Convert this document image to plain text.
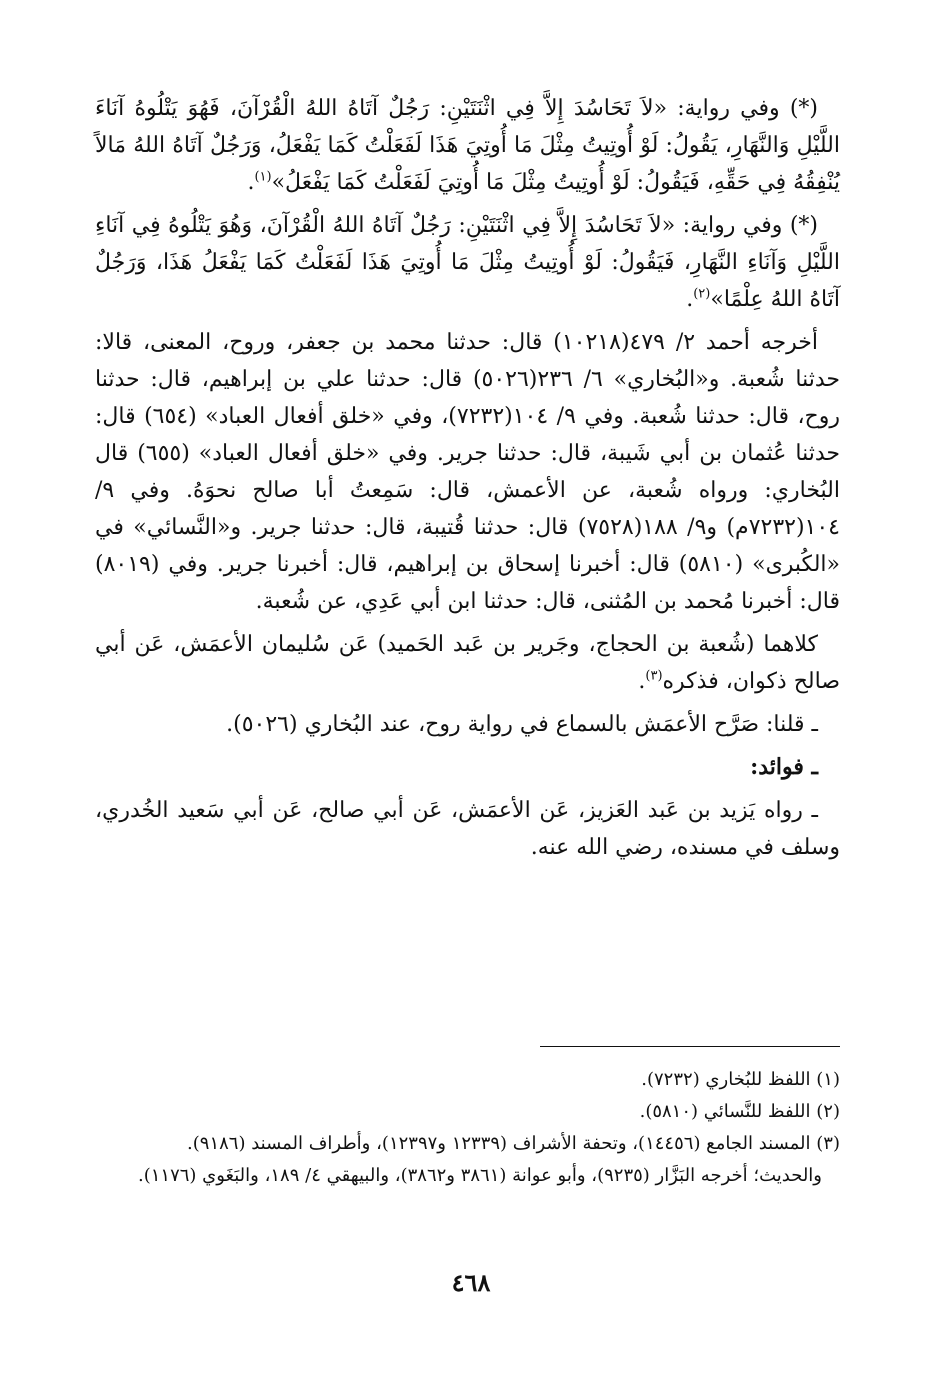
(*) وفي رواية: «لاَ تَحَاسُدَ إِلاَّ فِي اثْنَتَيْنِ: رَجُلٌ آتَاهُ اللهُ الْقُرْآنَ، فَهُوَ يَتْلُوهُ آنَاءَ اللَّيْلِ وَالنَّهَارِ، يَقُولُ: لَوْ أُوتِيتُ مِثْلَ مَا أُوتِيَ هَذَا لَفَعَلْتُ كَمَا يَفْعَلُ، وَرَجُلٌ آتَاهُ اللهُ مَالاً يُنْفِقُهُ فِي حَقِّهِ، فَيَقُولُ: لَوْ أُوتِيتُ مِثْلَ مَا أُوتِيَ لَفَعَلْتُ كَمَا يَفْعَلُ»$^{(١)}$.

(*) وفي رواية: «لاَ تَحَاسُدَ إِلاَّ فِي اثْنَتَيْنِ: رَجُلٌ آتَاهُ اللهُ الْقُرْآنَ، وَهُوَ يَتْلُوهُ فِي آنَاءِ اللَّيْلِ وَآنَاءِ النَّهَارِ، فَيَقُولُ: لَوْ أُوتِيتُ مِثْلَ مَا أُوتِيَ هَذَا لَفَعَلْتُ كَمَا يَفْعَلُ هَذَا، وَرَجُلٌ آتَاهُ اللهُ عِلْمًا»$^{(٢)}$.

أخرجه أحمد ٢/ ٤٧٩(١٠٢١٨) قال: حدثنا محمد بن جعفر، وروح، المعنى، قالا: حدثنا شُعبة. و«البُخاري» ٦/ ٢٣٦(٥٠٢٦) قال: حدثنا علي بن إبراهيم، قال: حدثنا روح، قال: حدثنا شُعبة. وفي ٩/ ١٠٤(٧٢٣٢)، وفي «خلق أفعال العباد» (٦٥٤) قال: حدثنا عُثمان بن أبي شَيبة، قال: حدثنا جرير. وفي «خلق أفعال العباد» (٦٥٥) قال البُخاري: ورواه شُعبة، عن الأعمش، قال: سَمِعتُ أبا صالح نحوَهُ. وفي ٩/ ١٠٤(٧٢٣٢م) و٩/ ١٨٨(٧٥٢٨) قال: حدثنا قُتيبة، قال: حدثنا جرير. و«النَّسائي» في «الكُبرى» (٥٨١٠) قال: أخبرنا إسحاق بن إبراهيم، قال: أخبرنا جرير. وفي (٨٠١٩) قال: أخبرنا مُحمد بن المُثنى، قال: حدثنا ابن أبي عَدِي، عن شُعبة.

كلاهما (شُعبة بن الحجاج، وجَرير بن عَبد الحَميد) عَن سُليمان الأعمَش، عَن أبي صالح ذكوان، فذكره$^{(٣)}$.

ـ قلنا: صَرَّح الأعمَش بالسماع في رواية روح، عند البُخاري (٥٠٢٦).

ـ فوائد:

ـ رواه يَزيد بن عَبد العَزيز، عَن الأعمَش، عَن أبي صالح، عَن أبي سَعيد الخُدري، وسلف في مسنده، رضي الله عنه.

(١) اللفظ للبُخاري (٧٢٣٢).

(٢) اللفظ للنَّسائي (٥٨١٠).

(٣) المسند الجامع (١٤٤٥٦)، وتحفة الأشراف (١٢٣٣٩ و١٢٣٩٧)، وأطراف المسند (٩١٨٦).

والحديث؛ أخرجه البَزَّار (٩٢٣٥)، وأبو عوانة (٣٨٦١ و٣٨٦٢)، والبيهقي ٤/ ١٨٩، والبَغَوي (١١٧٦).

٤٦٨
